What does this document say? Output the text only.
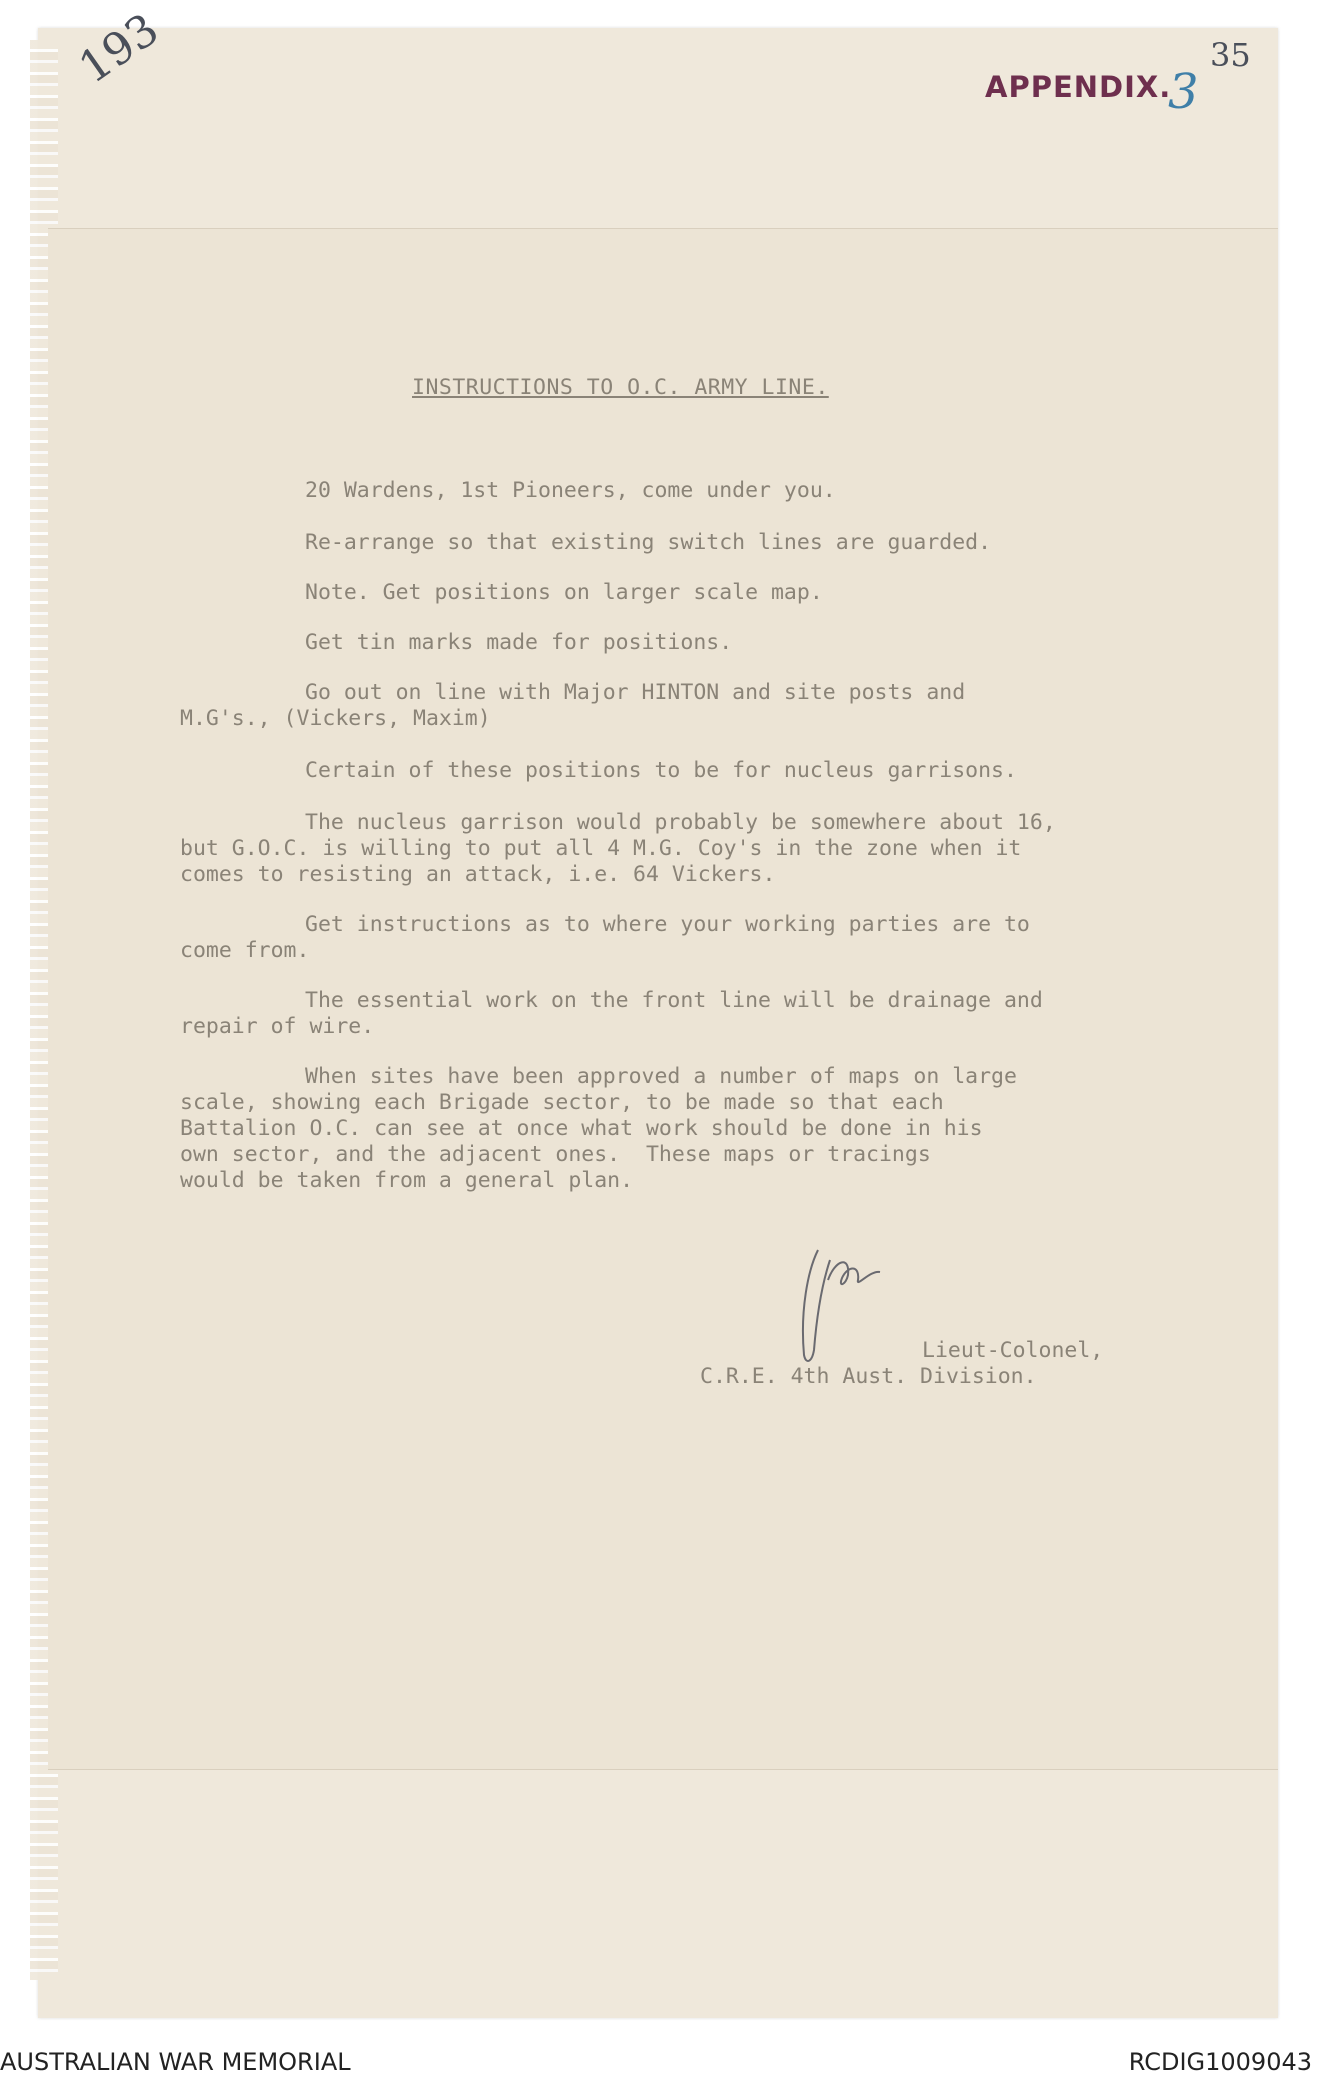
193	APPENDIX.
3
35
INSTRUCTIONS TO O.C. ARMY LINE.
20 Wardens, 1st Pioneers, come under you.
Re-arrange so that existing switch lines are guarded.
Note. Get positions on larger scale map.
Get tin marks made for positions.
Go out on line with Major HINTON and site posts and
M.G's., (Vickers, Maxim)
Certain of these positions to be for nucleus garrisons.
The nucleus garrison would probably be somewhere about 16,
but G.O.C. is willing to put all 4 M.G. Coy's in the zone when it
comes to resisting an attack, i.e. 64 Vickers.
Get instructions as to where your working parties are to
come from.
The essential work on the front line will be drainage and
repair of wire.
When sites have been approved a number of maps on large
scale, showing each Brigade sector, to be made so that each
Battalion O.C. can see at once what work should be done in his
own sector, and the adjacent ones.  These maps or tracings
would be taken from a general plan.
Lieut-Colonel,
C.R.E. 4th Aust. Division.
AUSTRALIAN WAR MEMORIAL	RCDIG1009043
